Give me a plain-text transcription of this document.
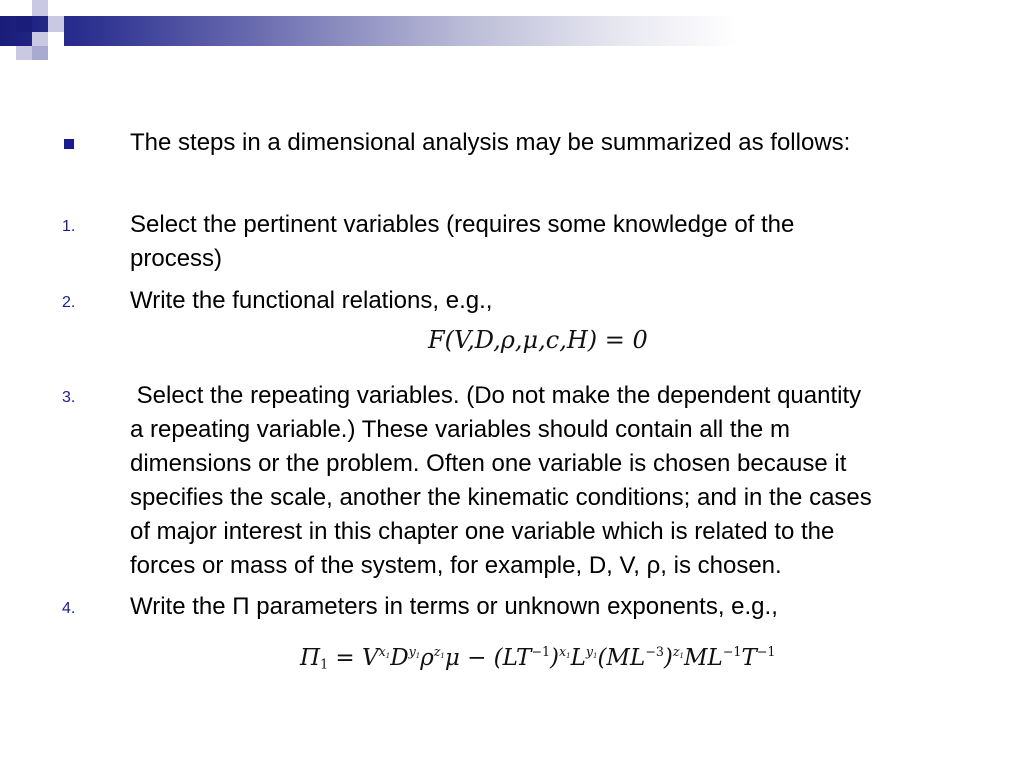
The steps in a dimensional analysis may be summarized as follows:
1. Select the pertinent variables (requires some knowledge of the
process)
2. Write the functional relations, e.g.,
F(V,D,ρ,μ,c,H) = 0
3. Select the repeating variables. (Do not make the dependent quantity
a repeating variable.) These variables should contain all the m
dimensions or the problem. Often one variable is chosen because it
specifies the scale, another the kinematic conditions; and in the cases
of major interest in this chapter one variable which is related to the
forces or mass of the system, for example, D, V, ρ, is chosen.
4. Write the Π parameters in terms or unknown exponents, e.g.,
$\Pi_1 = V^{x_1}D^{y_1}\rho^{z_1}\mu - (LT^{-1})^{x_1}L^{y_1}(ML^{-3})^{z_1}ML^{-1}T^{-1}$
